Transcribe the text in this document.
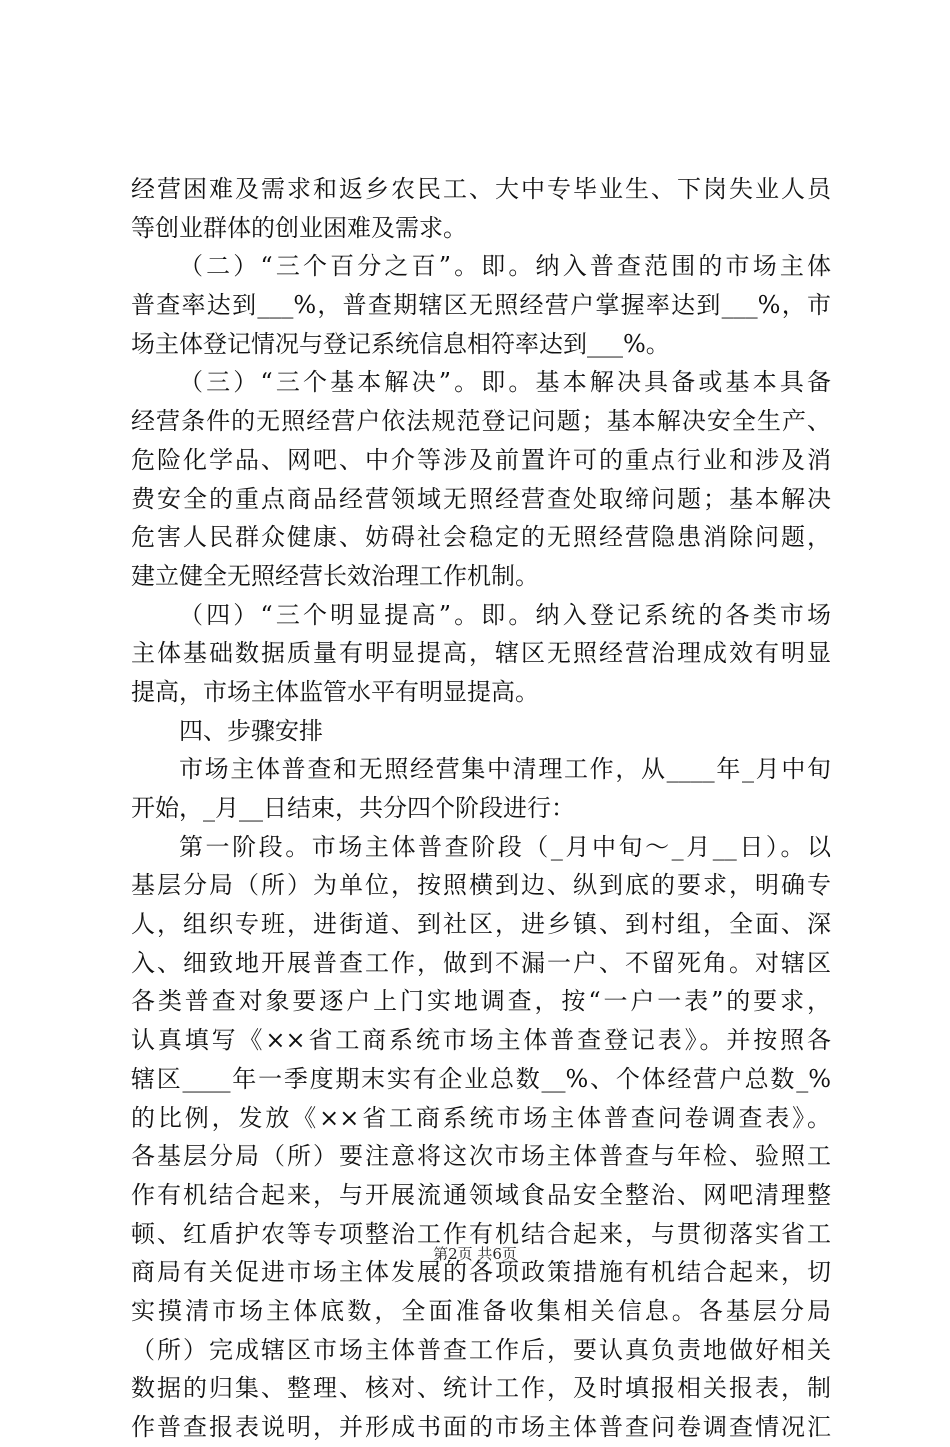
经营困难及需求和返乡农民工、大中专毕业生、下岗失业人员
等创业群体的创业困难及需求。
（二）“三个百分之百”。即。纳入普查范围的市场主体
普查率达到___%，普查期辖区无照经营户掌握率达到___%，市
场主体登记情况与登记系统信息相符率达到___%。
（三）“三个基本解决”。即。基本解决具备或基本具备
经营条件的无照经营户依法规范登记问题；基本解决安全生产、
危险化学品、网吧、中介等涉及前置许可的重点行业和涉及消
费安全的重点商品经营领域无照经营查处取缔问题；基本解决
危害人民群众健康、妨碍社会稳定的无照经营隐患消除问题，
建立健全无照经营长效治理工作机制。
（四）“三个明显提高”。即。纳入登记系统的各类市场
主体基础数据质量有明显提高，辖区无照经营治理成效有明显
提高，市场主体监管水平有明显提高。
四、步骤安排
市场主体普查和无照经营集中清理工作，从____年_月中旬
开始，_月__日结束，共分四个阶段进行：
第一阶段。市场主体普查阶段（_月中旬～_月__日）。以
基层分局（所）为单位，按照横到边、纵到底的要求，明确专
人，组织专班，进街道、到社区，进乡镇、到村组，全面、深
入、细致地开展普查工作，做到不漏一户、不留死角。对辖区
各类普查对象要逐户上门实地调查，按“一户一表”的要求，
认真填写《××省工商系统市场主体普查登记表》。并按照各
辖区____年一季度期末实有企业总数__%、个体经营户总数_%
的比例，发放《××省工商系统市场主体普查问卷调查表》。
各基层分局（所）要注意将这次市场主体普查与年检、验照工
作有机结合起来，与开展流通领域食品安全整治、网吧清理整
顿、红盾护农等专项整治工作有机结合起来，与贯彻落实省工
商局有关促进市场主体发展的各项政策措施有机结合起来，切
实摸清市场主体底数，全面准备收集相关信息。各基层分局
（所）完成辖区市场主体普查工作后，要认真负责地做好相关
数据的归集、整理、核对、统计工作，及时填报相关报表，制
作普查报表说明，并形成书面的市场主体普查问卷调查情况汇
第2页 共6页
